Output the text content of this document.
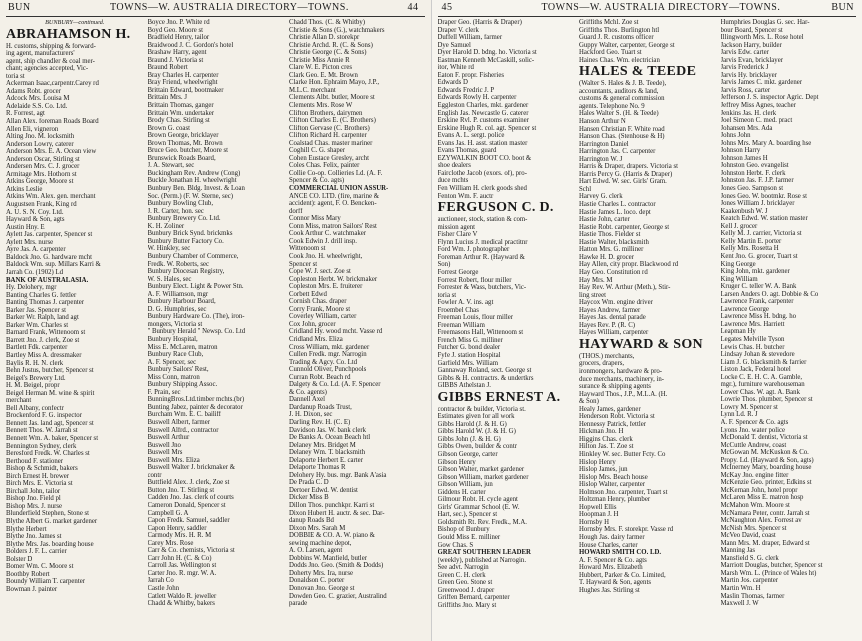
BUN	TOWNS—W. AUSTRALIA DIRECTORY—TOWNS.	44
BUNBURY—continued.
ABRAHAMSON H.
H. customs, shipping & forward-
ing agent, manufacturers'
agent, ship chandler & coal mer-
chant; agencies accepted, Vic-
toria st
Ackerman Isaac,carpentr.Carey rd
Adams Robt. grocer
Adcock Mrs. Louisa M
Adelaide S.S. Co. Ltd.
R. Forrest, agt
Allan Alex. foreman Roads Board
Allen Eli, vigneron
Alting Jno. M. locksmith
Anderson Lowry, caterer
Anderson Mrs. E. A. Ocean view
Anderson Oscar, Stirling st
Andersen Mrs. C. J. grocer
Armitage Mrs. Hothorn st
Atkins George, Moore st
Atkins Leslie
Atkins Wm. Alex. gen. merchant
Augustsen Frank, King rd
A. U. S. N. Coy. Ltd.
Hayward & Son, agts
Austin Hny. E
Aylett Jas. carpenter, Spencer st
Aylett Mrs. nurse
Ayre Jas. A. carpenter
Baldock Jno. G. hardware mcht
Baldock Wm. sup. Millars Karri &
Jarrah Co. (1902) Ld
BANK OF AUSTRALASIA.
Hy. Delohery, mgr
Banting Charles G. fettler
Banting Thomas J. carpenter
Barker Jas. Spencer st
Barker Wr. Ralph, land agt
Barker Wm. Charles st
Barnard Frank, Wittenoom st
Barrett Jno. J. clerk, Zoe st
Bartlett Fdk. carpenter
Bartley Miss A. dressmaker
Baylis R. H. N. clerk
Behn Justus, butcher, Spencer st
Beigel's Brewery Ltd.
H. M. Beigel, propr
Beigel Herman M. wine & spirit
merchant
Bell Albany, confectr
Brockenford F. G. inspector
Bennett Jas. land agt, Spencer st
Bennett Thos. W. Jarrah st
Bennett Wm. A. baker, Spencer st
Bennington Sydney, clerk
Beresford Fredk. W. Charles st
Berthoud F. stationer
Bishop & Schmidt, bakers
Birch Ernest H. brewer
Birch Mrs. E. Victoria st
Birchall John, tailor
Bishop Jno. Field pl
Bishop Mrs. J. nurse
Blunderfield Stephen, Stone st
Blythe Albert G. market gardener
Blythe Herbert
Blythe Jno. James st
Blythe Mrs. Jas. boarding house
Bolders J. F. L. carrier
Bolster D
Bomer Wm. C. Moore st
Boothby Robert
Boundy William T. carpenter
Bowman J. painter
Boyce Jno. P. White rd
Boyd Geo. Moore st
Bradfield Henry, tailor
Braidwood J. C. Gordon's hotel
Brashaw Harry, agent
Braund J. Victoria st
Braund Robert
Bray Charles H. carpenter
Bray Friend, wheelwright
Brittain Edward, bootmaker
Brittain Mrs. J
Brittain Thomas, ganger
Brittain Wm. undertaker
Brody Chas. Stirling st
Brown G. coast
Brown George, bricklayer
Brown Thomas, Mt. Brown
Bruce Geo. butcher, Moore st
Brunswick Roads Board,
J. A. Stewart, sec
Buckingham Rev. Andrew (Cong)
Buckle Jonathan H. wheelwright
Bunbury Ben. Bldg. Invest. & Loan
Soc. (Perm.) (F. W. Sterne, sec)
Bunbury Bowling Club,
J. R. Carter, hon. sec
Bunbury Brewery Co. Ltd.
K. H. Zoliner
Bunbury Brick Synd. brickmks
Bunbury Butter Factory Co.
W. Hinkley, sec
Bunbury Chamber of Commerce,
Fredk. W. Roberts, sec
Bunbury Diocesan Registry,
W. S. Hales, sec
Bunbury Elect. Light & Power Stn.
A. F. Williamson, mgr
Bunbury Harbour Board,
D. G. Humphries, sec
Bunbury Hardware Co. (The), iron-
mongers, Victoria st
" Bunbury Herald " Newsp. Co. Ltd
Bunbury Hospital,
Miss E. McLaren, matron
Bunbury Race Club,
A. F. Spencer, sec
Bunbury Sailors' Rest,
Miss Conn, matron
Bunbury Shipping Assoc.
F. Prain, sec
BunningBros.Ltd.timber mchts.(br)
Bunting Jabez, painter & decorator
Burcham Wm. E. C. bailiff
Buswell Albert, farmer
Buswell Alfrd., contractor
Buswell Arthur
Buswell Jno
Buswell Mrs
Buswell Mrs. Eliza
Buswell Walter J. brickmaker &
contr
Buttfield Alex. J. clerk, Zoe st
Button Jno. T. Stirling st
Cadden Jno. Jas. clerk of courts
Cameron Donald, Spencer st
Campbell G. A
Capon Fredk. Samuel, saddler
Capon Henry, saddler
Carmody Mrs. H. R. M
Carey Mrs. Rose
Carr & Co. chemists, Victoria st
Carr John H. (C. & Co)
Carroll Jas. Wellington st
Carter Jno. R. mgr. W. A.
Jarrah Co
Castle John
Catlett Waldo R. jeweller
Chadd & Whitby, bakers
Chadd Thos. (C. & Whitby)
Christie & Sons (G.), watchmakers
Christie Allan D. storekpr
Christie Archd. R. (C. & Sons)
Christie George (C. & Sons)
Christie Miss Annie R
Clare W. E. Picton cres
Clark Geo. E. Mt. Brown
Clarke Hon. Ephraim Mayo, J.P.,
M.L.C. merchant
Clements Albt. butler, Moore st
Clements Mrs. Rose W
Clifton Brothers, dairymen
Clifton Charles E. (C. Brothers)
Clifton Gervase (C. Brothers)
Clifton Richard H. carpenter
Coalstad Chas. master mariner
Coghill C. G. shaper
Cohen Eustace Gresley, archt
Coles Chas. Felix, painter
Collie Co-op. Collieries Ld. (A. F.
Spencer & Co. agts)
COMMERCIAL UNION ASSUR-
ANCE CO. LTD. (fire, marine &
accident): agent, F. O. Bencken-
dorff
Connor Miss Mary
Conn Miss, matron Sailors' Rest
Cook Arthur C. watchmaker
Cook Edwin J. drill insp.
Wittenoom st
Cook Jno. H. wheelwright,
Spencer st
Cope W. J. sect. Zoe st
Copleston Herbt. W. brickmaker
Copleston Mrs. E. fruiterer
Corbett Edwd
Cornish Chas. draper
Corry Frank, Moore st
Coverley William, carter
Cox John, grocer
Cridland Hy. wood mcht. Vasse rd
Cridland Mrs. Eliza
Cross William, mkt. gardener
Cullen Fredk. mgr. Narrogin
Trading & Agcy. Co. Ltd
Cunnold Oliver, Punchpools
Curran Robt. Beach rd
Dalgety & Co. Ld. (A. F. Spencer
& Co. agents)
Dannell Axel
Dardanup Roads Trust,
J. H. Dixon, sec
Darling Rev. H. (C. E)
Davidson Jas. W. bank clerk
De Banks A. Ocean Beach htl
Delaney Mrs. Bridget M
Delaney Wm. T. blacksmith
Delaporte Herbert E. carter
Delaporte Thomas R
Delohery Hy. bus. mgr. Bank A'asia
De Prada C. D
Dertoer Edwd. W. dentist
Dicker Miss B
Dillon Thos. punchkpr. Karri st
Dixon Hubert H. auctr. & sec. Dar-
danup Roads Bd
Dixon Mrs. Sarah M
DOBBIE & CO. A. W. piano &
sewing machine depot,
A. O. Larsen, agent
Dobbins W. Manfield, butler
Dodds Jno. Geo. (Smith & Dodds)
Doherty Mrs. Ira, nurse
Donaldson C. porter
Donovan Jno. George st
Dowden Geo. C. grazier, Australind
parade
45	TOWNS—W. AUSTRALIA DIRECTORY—TOWNS.	BUN
Draper Geo. (Harris & Draper)
Draper V. clerk
Duffell William, farmer
Dye Samuel
Dyer Harold D. bdng. ho. Victoria st
Eastman Kenneth McCaskill, solic-
itor, White rd
Eaton F. propr. Fisheries
Edwards D
Edwards Fredric J. P
Edwards Rowly H. carpenter
Eggleston Charles, mkt. gardener
English Jas. Newcastle G. caterer
Erskine Rvl. P. customs examiner
Erskine Hugh R. col. agt. Spencer st
Evans A. L. sergt. police
Evans Jas. H. asst. station master
Evans Thomas, guard
EZYWALKIN BOOT CO. boot &
shoe dealers
Fairclothe Jacob (exors. of), pro-
duce mchts
Fen William H. clerk goods shed
Fenton Wm. F. auctr
FERGUSON C. D.
auctioneer, stock, station & com-
mission agent
Fisher Clare V
Flynn Lucius J. medical practitnr
Ford Wm. J. photographer
Foreman Arthur R. (Hayward &
Son)
Forrest George
Forrest Robert, flour miller
Forrester & Wass, butchers, Vic-
toria st
Fowler A. V. ins. agt
Froembel Chas
Freeman Louis, flour miller
Freeman William
Freemasons Hall, Wittenoom st
French Miss G. milliner
Futcher G. bond dealer
Fyfe J. station Hospital
Garfield Mrs. William
Gannaway Roland, sect. George st
Gibbs & H. contractrs. & undertkrs
GIBBS Athelstan J.
GIBBS ERNEST A.
contractor & builder, Victoria st.
Estimates given for all work
Gibbs Harold (J. & H. G)
Gibbs Harold W. (J. & H. G)
Gibbs John (J. & H. G)
Gibbs Owen, builder & contr
Gibson George, carter
Gibson Henry
Gibson Walter, market gardener
Gibson William, market gardener
Gibson William, jun
Giddens H. carter
Gilmour Robt. H. cycle agent
Girls' Grammar School (E. W.
Hart, sec.), Spencer st
Goldsmith Rt. Rev. Fredk., M.A.
Bishop of Bunbury
Gould Miss E. milliner
Gow Chas. S
GREAT SOUTHERN LEADER
(weekly), published at Narrogin.
See advt. Narrogin
Green C. H. clerk
Green Geo. Stone st
Greenwood J. draper
Griffen Bernard, carpenter
Griffiths Jno. Mary st
Griffiths Mchl. Zoe st
Griffiths Thos. Burlington htl
Guard J. R. customs officer
Guppy Walter, carpenter, George st
Hackford Geo. Tuart st
Haines Chas. Wm. electrician
HALES & TEEDE
(Walter S. Hales & J. B. Teede),
accountants, auditors & land,
customs & general commission
agents. Telephone No. 9
Hales Walter S. (H. & Teede)
Hanson Arthur N
Hansen Christian F. White road
Hanson Chas. (Stenhouse & H)
Harrington Daniel
Harrington Jas. C. carpenter
Harrington W. J
Harris & Draper, drapers. Victoria st
Harris Percy G. (Harris & Draper)
Hart Edwd. W. sec. Girls' Gram.
Schl
Harvey G. clerk
Hastie Charles L. contractor
Hastie James L. loco. dept
Hastie John, carter
Hastie Robt. carpenter, George st
Hastie Thos. Fielder st
Hastie Walter, blacksmith
Hatton Mrs. G. milliner
Hawke H. D. grocer
Hay Allen, city propr. Blackwood rd
Hay Geo. Constitution rd
Hay Mrs. M
Hay Rev. W. Arthur (Meth.), Stir-
ling street
Haycox Wm. engine driver
Hayes Andrew, farmer
Hayes Jas. dental parade
Hayes Rev. P. (R. C)
Hayes William, carpenter
HAYWARD & SON
(THOS.) merchants,
grocers, drapers,
ironmongers, hardware & pro-
duce merchants, machinery, in-
surance & shipping agents
Hayward Thos., J.P., M.L.A. (H.
& Son)
Healy James, gardener
Henderson Robt. Victoria st
Hennessy Patrick, fettler
Hickman Jno. H
Higgins Chas. clerk
Hilton Jas. T. Zoe st
Hinkley W. sec. Butter Fcty. Co
Hislop Henry
Hislop James, jun
Hislop Mrs. Beach house
Hislop Walter, carpenter
Holmson Jno. carpenter, Tuart st
Holtzman Henry, plumber
Hopwell Ellis
Hoopman J. H
Hornsby H
Hornsby Mrs. F. storekpr. Vasse rd
Hough Jas. dairy farmer
House Charles, carter
HOWARD SMITH CO. LD.
A. F. Spencer & Co. agts
Howard Mrs. Elizabeth
Hubbert, Parker & Co. Limited,
T. Hayward & Son, agents
Hughes Jas. Stirling st
Humphries Douglas G. sec. Har-
bour Board, Spencer st
Illingworth Mrs. L. Rose hotel
Jackson Harry, builder
Jarvis Edw. carter
Jarvis Evan, bricklayer
Jarvis Frederick J
Jarvis Hy. bricklayer
Jarvis James C. mkt. gardener
Jarvis Ross, carter
Jefferson J. S. inspector Agric. Dept
Jeffrey Miss Agnes, teacher
Jenkins Jas. H. clerk
Joel Simeon C. med. pract
Johansen Mrs. Ada
Johns John
Johns Mrs. Mary A. boarding hse
Johnson Harry
Johnson James H
Johnston Geo. evangelist
Johnston Herbt. F. clerk
Johnston Jas. F. J.P. farmer
Jones Geo. Sampson st
Jones Geo. W. bootmkr. Rose st
Jones William J. bricklayer
Kaakenbush W. J
Keatch Edwd. W. station master
Kell J. grocer
Kelly M. J. carrier, Victoria st
Kelly Martin E. porter
Kelly Mrs. Rosetta H
Kent Jno. G. grocer, Tuart st
King George
King John, mkt. gardener
King William
Kruger C. teller W. A. Bank
Larsen Anders O. agt. Dobbie & Co
Lawrence Frank, carpenter
Lawrence George
Lawrence Miss H. bdng. ho
Lawrence Mrs. Harriett
Leapman Hy
Legates Melville Tyson
Lewis Chas. H. butcher
Lindsay Johan & stevedore
Liam J. G. blacksmith & farrier
Liston Jack, Federal hotel
Locke C. E. H. C. A. Gamble,
mgr.), furniture warehouseman
Lower Chas. W. agt. A. Bank
Lowrie Thos. plumber, Spencer st
Lowry M. Spencer st
Lynn Ld. R. J
A. F. Spencer & Co. agts
Lyons Jno. water police
McDonald T. dentist, Victoria st
McCuttle Andrew, coast
McGowan M. McKuskon & Co.
Propy. Ld. (Hayward & Son, agts)
McInerney Mary, boarding house
McKay Jno. engine fitter
McKenzie Geo. printer, Edkins st
McKernan John, hotel propr
McLaren Miss E. matron hosp
McMahon Wm. Moore st
McNamara Peter, contr. Jarrah st
McNaughton Alex. Forrest av
McNish Mrs. Spencer st
McVeo David, coast
Mann Mrs. M. draper, Edward st
Manning Jas
Mansfield S. G. clerk
Marriott Douglas, butcher, Spencer st
Marsh Wm. L. (Prince of Wales ht)
Martin Jos. carpenter
Martin Wm. H
Maslin Thomas, farmer
Maxwell J. W
